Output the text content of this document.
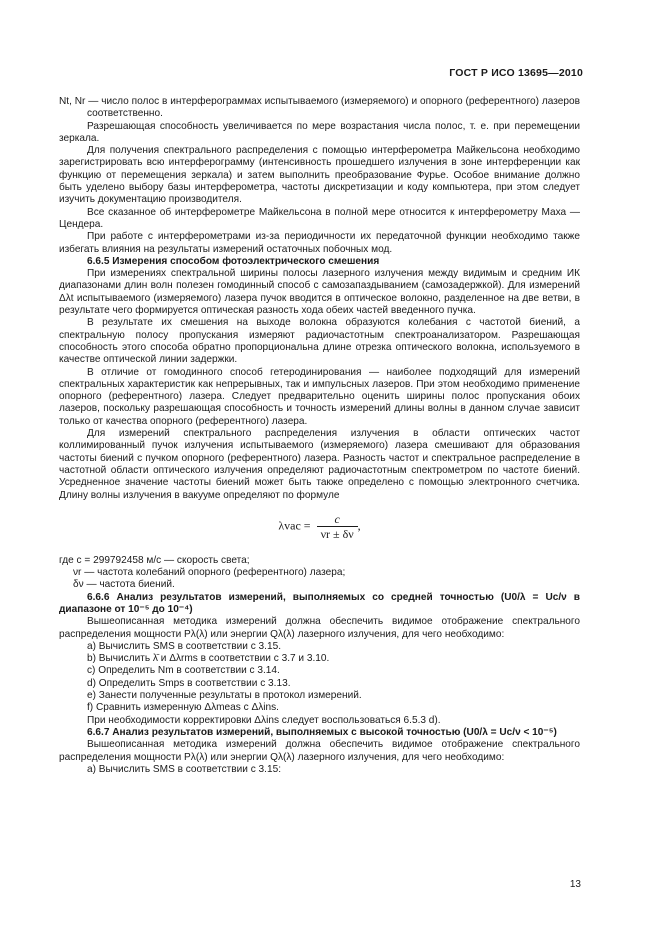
ГОСТ Р ИСО 13695—2010

Nt, Nr — число полос в интерферограммах испытываемого (измеряемого) и опорного (референтного) лазеров соответственно.

Разрешающая способность увеличивается по мере возрастания числа полос, т. е. при перемещении зеркала.

Для получения спектрального распределения с помощью интерферометра Майкельсона необходимо зарегистрировать всю интерферограмму (интенсивность прошедшего излучения в зоне интерференции как функцию от перемещения зеркала) и затем выполнить преобразование Фурье. Особое внимание должно быть уделено выбору базы интерферометра, частоты дискретизации и коду компьютера, при этом следует изучить документацию производителя.

Все сказанное об интерферометре Майкельсона в полной мере относится к интерферометру Маха — Цендера.

При работе с интерферометрами из-за периодичности их передаточной функции необходимо также избегать влияния на результаты измерений остаточных побочных мод.

6.6.5 Измерения способом фотоэлектрического смешения

При измерениях спектральной ширины полосы лазерного излучения между видимым и средним ИК диапазонами длин волн полезен гомодинный способ с самозапаздыванием (самозадержкой). Для измерений Δλt испытываемого (измеряемого) лазера пучок вводится в оптическое волокно, разделенное на две ветви, в результате чего формируется оптическая разность хода обеих частей введенного пучка.

В результате их смешения на выходе волокна образуются колебания с частотой биений, а спектральную полосу пропускания измеряют радиочастотным спектроанализатором. Разрешающая способность этого способа обратно пропорциональна длине отрезка оптического волокна, используемого в качестве оптической линии задержки.

В отличие от гомодинного способ гетеродинирования — наиболее подходящий для измерений спектральных характеристик как непрерывных, так и импульсных лазеров. При этом необходимо применение опорного (референтного) лазера. Следует предварительно оценить ширины полос пропускания обоих лазеров, поскольку разрешающая способность и точность измерений длины волны в данном случае зависит только от качества опорного (референтного) лазера.

Для измерений спектрального распределения излучения в области оптических частот коллимированный пучок излучения испытываемого (измеряемого) лазера смешивают для образования частоты биений с пучком опорного (референтного) лазера. Разность частот и спектральное распределение в частотной области оптического излучения определяют радиочастотным спектрометром по частоте биений. Усредненное значение частоты биений может быть также определено с помощью электронного счетчика. Длину волны излучения в вакууме определяют по формуле

$\lambda vac = \frac{c}{\nu r \pm \delta\nu}$ ,

где c = 299792458 м/с — скорость света;

νr — частота колебаний опорного (референтного) лазера;

δν — частота биений.

6.6.6 Анализ результатов измерений, выполняемых со средней точностью (U0/λ = Uc/ν в диапазоне от 10⁻⁵ до 10⁻⁴)

Вышеописанная методика измерений должна обеспечить видимое отображение спектрального распределения мощности Pλ(λ) или энергии Qλ(λ) лазерного излучения, для чего необходимо:

а) Вычислить SMS в соответствии с 3.15.

b) Вычислить λ̄ и Δλrms в соответствии с 3.7 и 3.10.

c) Определить Nm в соответствии с 3.14.

d) Определить Smps в соответствии с 3.13.

e) Занести полученные результаты в протокол измерений.

f) Сравнить измеренную Δλmeas с Δλins.

При необходимости корректировки Δλins следует воспользоваться 6.5.3 d).

6.6.7 Анализ результатов измерений, выполняемых с высокой точностью (U0/λ = Uc/ν < 10⁻⁵)

Вышеописанная методика измерений должна обеспечить видимое отображение спектрального распределения мощности Pλ(λ) или энергии Qλ(λ) лазерного излучения, для чего необходимо:

а) Вычислить SMS в соответствии с 3.15:

13
